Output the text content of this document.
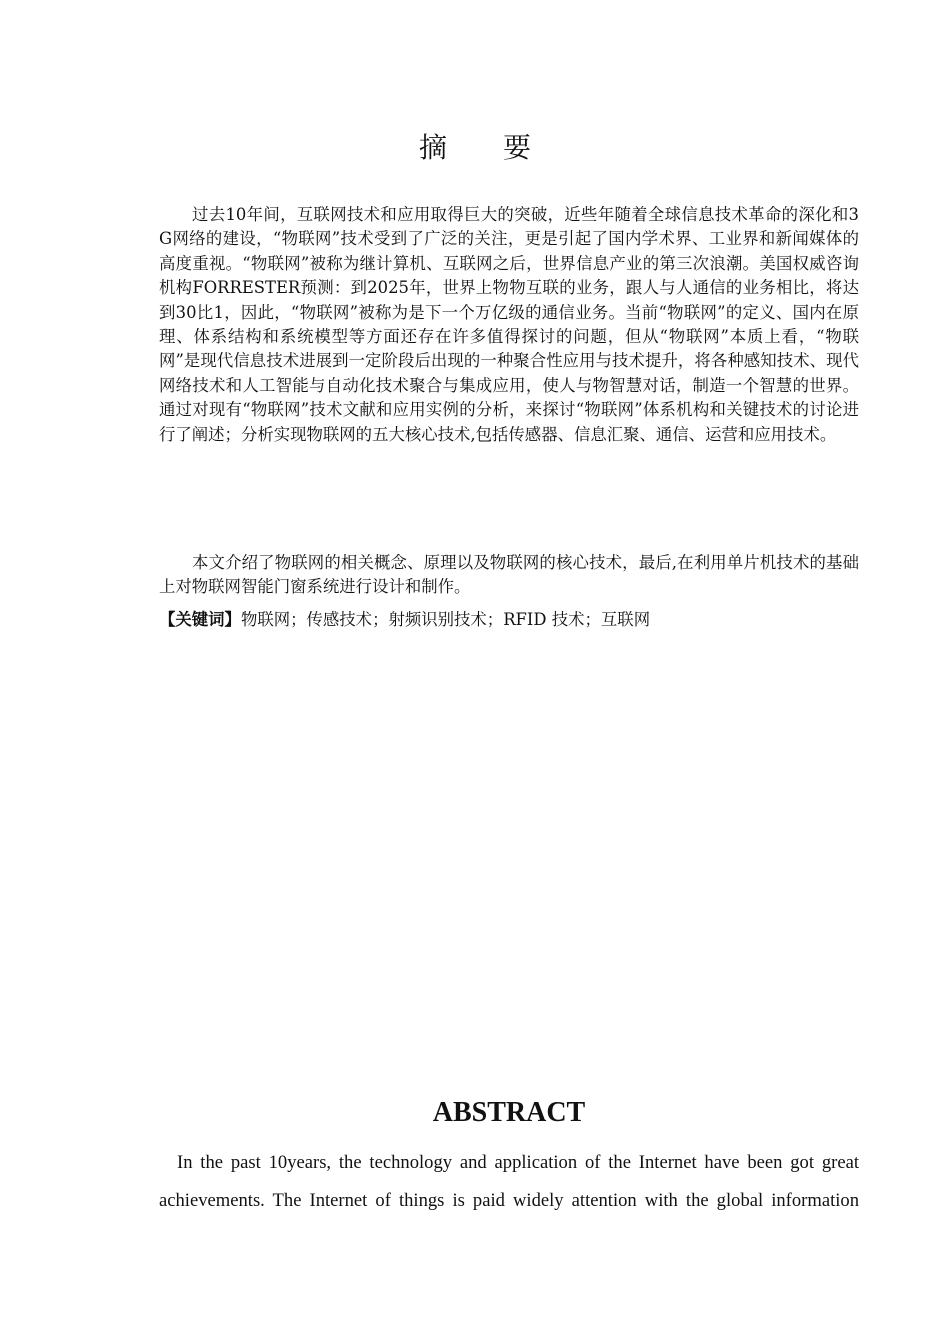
摘 要

过去10年间，互联网技术和应用取得巨大的突破，近些年随着全球信息技术革命的深化和3G网络的建设，“物联网”技术受到了广泛的关注，更是引起了国内学术界、工业界和新闻媒体的高度重视。“物联网”被称为继计算机、互联网之后，世界信息产业的第三次浪潮。美国权威咨询机构FORRESTER预测：到2025年，世界上物物互联的业务，跟人与人通信的业务相比，将达到30比1，因此，“物联网”被称为是下一个万亿级的通信业务。当前“物联网”的定义、国内在原理、体系结构和系统模型等方面还存在许多值得探讨的问题，但从“物联网”本质上看，“物联网”是现代信息技术进展到一定阶段后出现的一种聚合性应用与技术提升，将各种感知技术、现代网络技术和人工智能与自动化技术聚合与集成应用，使人与物智慧对话，制造一个智慧的世界。通过对现有“物联网”技术文献和应用实例的分析，来探讨“物联网”体系机构和关键技术的讨论进行了阐述；分析实现物联网的五大核心技术,包括传感器、信息汇聚、通信、运营和应用技术。

本文介绍了物联网的相关概念、原理以及物联网的核心技术，最后,在利用单片机技术的基础上对物联网智能门窗系统进行设计和制作。

【关键词】物联网；传感技术；射频识别技术；RFID 技术；互联网

ABSTRACT

In the past 10years, the technology and application of the Internet have been got great achievements. The Internet of things is paid widely attention with the global information
